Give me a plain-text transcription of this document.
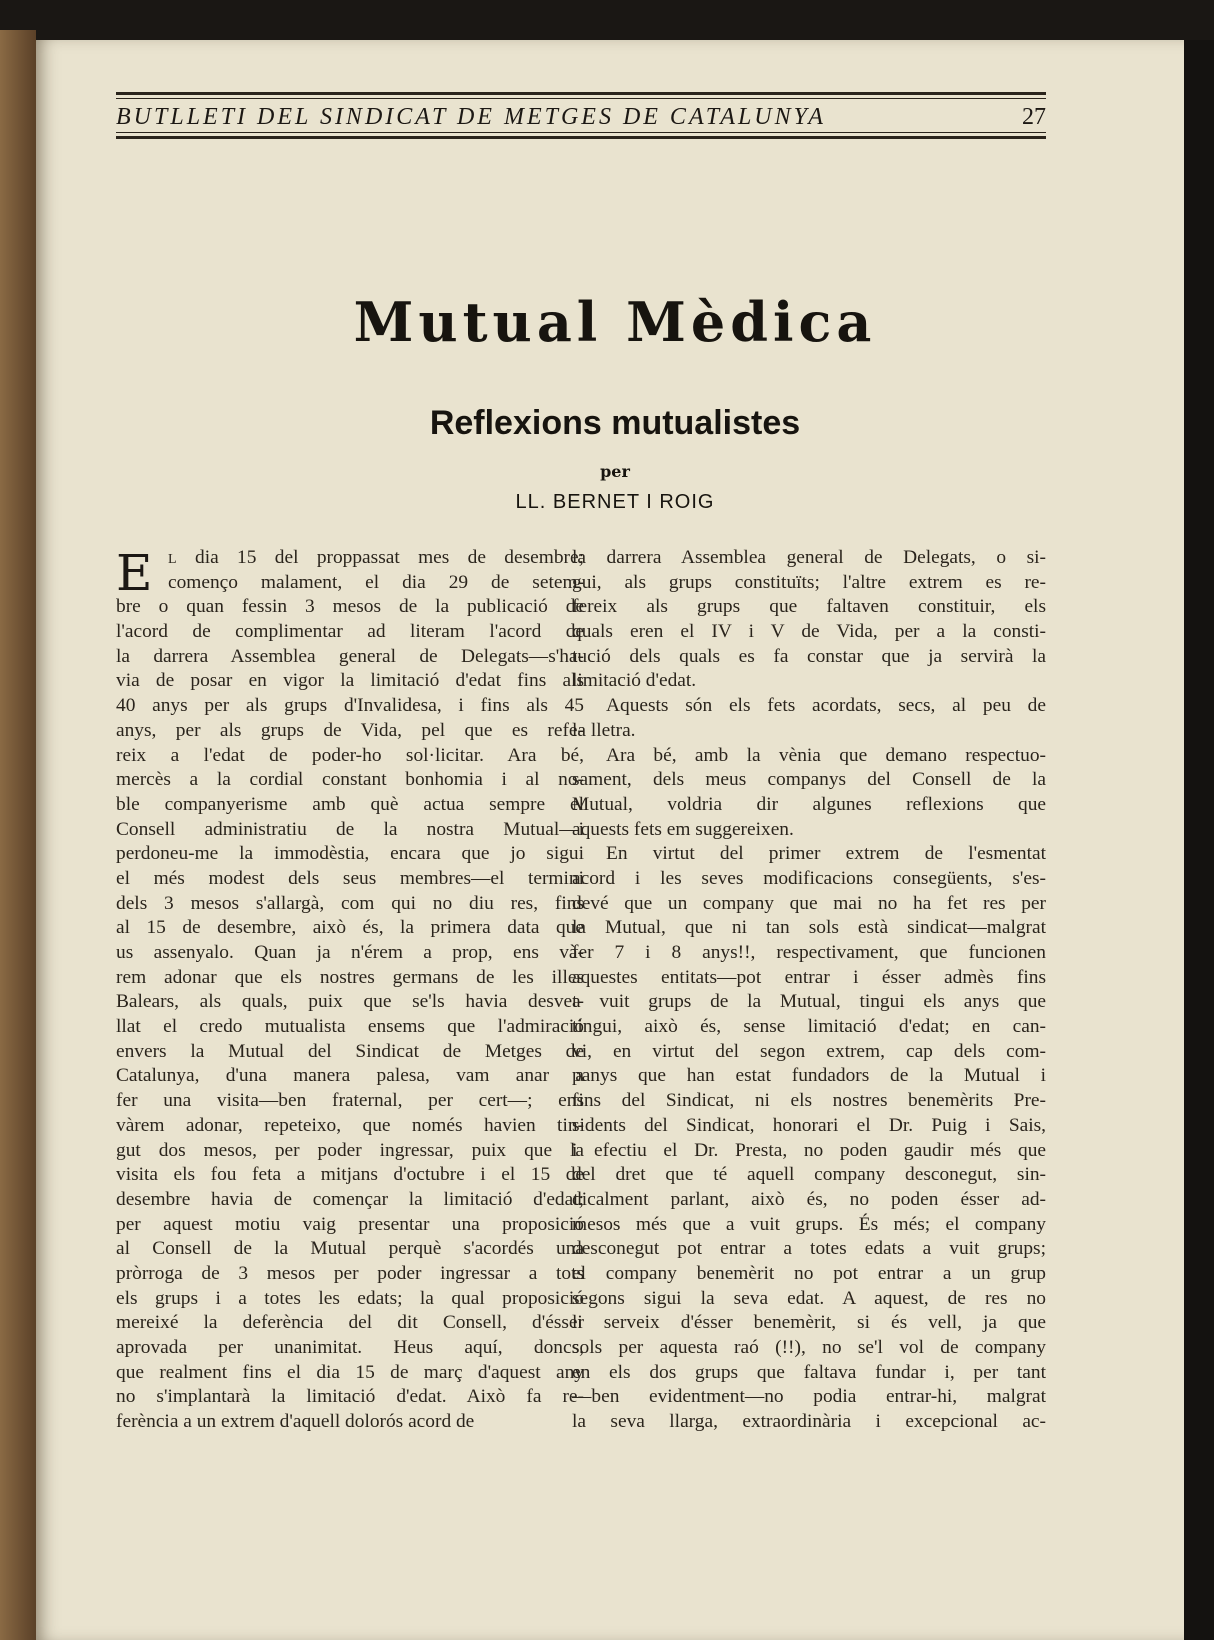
BUTLLETI DEL SINDICAT DE METGES DE CATALUNYA	27
Mutual Mèdica
Reflexions mutualistes
per
LL. BERNET I ROIG
E	L dia 15 del proppassat mes de desembre;
començo malament, el dia 29 de setem-
bre o quan fessin 3 mesos de la publicació de
l'acord de complimentar ad literam l'acord de
la darrera Assemblea general de Delegats—s'ha-
via de posar en vigor la limitació d'edat fins als
40 anys per als grups d'Invalidesa, i fins als 45
anys, per als grups de Vida, pel que es refe-
reix a l'edat de poder-ho sol·licitar. Ara bé,
mercès a la cordial constant bonhomia i al no-
ble companyerisme amb què actua sempre el
Consell administratiu de la nostra Mutual—i
perdoneu-me la immodèstia, encara que jo sigui
el més modest dels seus membres—el termini
dels 3 mesos s'allargà, com qui no diu res, fins
al 15 de desembre, això és, la primera data que
us assenyalo. Quan ja n'érem a prop, ens và-
rem adonar que els nostres germans de les illes
Balears, als quals, puix que se'ls havia desvet-
llat el credo mutualista ensems que l'admiració
envers la Mutual del Sindicat de Metges de
Catalunya, d'una manera palesa, vam anar a
fer una visita—ben fraternal, per cert—; ens
vàrem adonar, repeteixo, que només havien tin-
gut dos mesos, per poder ingressar, puix que la
visita els fou feta a mitjans d'octubre i el 15 de
desembre havia de començar la limitació d'edat;
per aquest motiu vaig presentar una proposició
al Consell de la Mutual perquè s'acordés una
pròrroga de 3 mesos per poder ingressar a tots
els grups i a totes les edats; la qual proposició
mereixé la deferència del dit Consell, d'ésser
aprovada per unanimitat. Heus aquí, doncs,
que realment fins el dia 15 de març d'aquest any
no s'implantarà la limitació d'edat. Això fa re-
ferència a un extrem d'aquell dolorós acord de
la darrera Assemblea general de Delegats, o si-
gui, als grups constituïts; l'altre extrem es re-
fereix als grups que faltaven constituir, els
quals eren el IV i V de Vida, per a la consti-
tució dels quals es fa constar que ja servirà la
limitació d'edat.
Aquests són els fets acordats, secs, al peu de
la lletra.
Ara bé, amb la vènia que demano respectuo-
sament, dels meus companys del Consell de la
Mutual, voldria dir algunes reflexions que
aquests fets em suggereixen.
En virtut del primer extrem de l'esmentat
acord i les seves modificacions consegüents, s'es-
devé que un company que mai no ha fet res per
la Mutual, que ni tan sols està sindicat—malgrat
fer 7 i 8 anys!!, respectivament, que funcionen
aquestes entitats—pot entrar i ésser admès fins
a vuit grups de la Mutual, tingui els anys que
tingui, això és, sense limitació d'edat; en can-
vi, en virtut del segon extrem, cap dels com-
panys que han estat fundadors de la Mutual i
fins del Sindicat, ni els nostres benemèrits Pre-
sidents del Sindicat, honorari el Dr. Puig i Sais,
i efectiu el Dr. Presta, no poden gaudir més que
del dret que té aquell company desconegut, sin-
dicalment parlant, això és, no poden ésser ad-
mesos més que a vuit grups. És més; el company
desconegut pot entrar a totes edats a vuit grups;
el company benemèrit no pot entrar a un grup
segons sigui la seva edat. A aquest, de res no
li serveix d'ésser benemèrit, si és vell, ja que
sols per aquesta raó (!!), no se'l vol de company
en els dos grups que faltava fundar i, per tant
—ben evidentment—no podia entrar-hi, malgrat
la seva llarga, extraordinària i excepcional ac-
